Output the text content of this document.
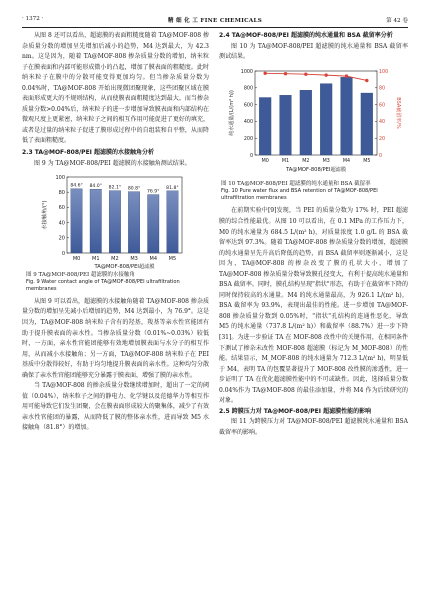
· 1372 ·	精 细 化 工 FINE CHEMICALS	第 42 卷

从图 8 还可以看出，超滤膜的表面粗糙度随着 TA@MOF-808 掺杂质量分数的增加呈先增加后减小的趋势，M4 达到最大，为 42.3 nm。这是因为，随着 TA@MOF-808 掺杂质量分数的增加，纳米粒子在膜表面和内部可能形成微小的凸起，增加了膜表面的粗糙度。此时纳米粒子在膜中的分散可能变得更加均匀。但当掺杂质量分数为 0.04%时，TA@MOF-808 开始出现微团聚现象，这些团聚区域在膜表面形成更大的不规则结构，从而使膜表面粗糙度达到最大。而当掺杂质量分数>0.04%后，纳米粒子的进一步增加导致膜表面和内部结构在微观尺度上更紧密，纳米粒子之间的相互作用可能促进了更好的填充，或者是过量的纳米粒子促进了膜形成过程中的自组装和自平整，从而降低了表面粗糙度。

2.3 TA@MOF-808/PEI 超滤膜的水接触角分析

图 9 为 TA@MOF-808/PEI 超滤膜的水接触角测试结果。

0
20
40
60
80
100
84.6°
M0
84.0°
M1
82.1°
M2
80.8°
M3
76.9°
M4
81.8°
M5
TA@MOF-808/PEI超滤膜
水接触角/(°)
图 9 TA@MOF-808/PEI 超滤膜的水接触角
Fig. 9 Water contact angle of TA@MOF-808/PEI ultrafiltration membranes

从图 9 可以看出，超滤膜的水接触角随着 TA@MOF-808 掺杂质量分数的增加呈先减小后增加的趋势，M4 达到最小，为 76.9°。这是因为，TA@MOF-808 纳米粒子含有的羟基，羧基等亲水性官能团有助于提升膜表面的亲水性。当掺杂质量分数（0.01%~0.03%）较低时，一方面，亲水性官能团能够有效地增加膜表面与水分子的相互作用，从而减小水接触角；另一方面，TA@MOF-808 纳米粒子在 PEI 基质中分散得较好，有助于均匀地提升膜表面的亲水性。这种均匀分散确保了亲水性官能团能够充分暴露于膜表面，增强了膜的亲水性。

当 TA@MOF-808 的掺杂质量分数继续增加时，超出了一定的阈值（0.04%），纳米粒子之间的静电力、化学键以及范德华力等相互作用可能导致它们发生团聚，会在膜表面形成较大的聚集体，减少了有效亲水性官能团的暴露，从而降低了膜的整体亲水性，进而导致 M5 水接触角（81.8°）的增加。

2.4 TA@MOF-808/PEI 超滤膜的纯水通量和 BSA 截留率分析

图 10 为 TA@MOF-808/PEI 超滤膜的纯水通量和 BSA 截留率测试结果。

0
200
400
600
800
1000
0
20
40
60
80
100
M0	M1	M2	M3	M4	M5
TA@MOF-808/PEI超滤膜
纯水通量/(L/(m² h))	BSA截留率/%
图 10 TA@MOF-808/PEI 超滤膜的纯水通量和 BSA 截留率
Fig. 10 Pure water flux and BSA retention of TA@MOF-808/PEI ultrafiltration membranes

在前期实验中[9]发现，当 PEI 的质量分数为 17% 时，PEI 超滤膜的综合性能最优。从图 10 可以看出，在 0.1 MPa 的工作压力下，M0 的纯水通量为 684.5 L/(m² h)，对质量浓度 1.0 g/L 的 BSA 截留率达到 97.3%。随着 TA@MOF-808 掺杂质量分数的增加，超滤膜的纯水通量呈先升高后降低的趋势，而 BSA 截留率则逐渐减小，这是因为，TA@MOF-808 的掺杂改变了膜的孔状大小，增加了 TA@MOF-808 掺杂质量分数导致膜孔径变大，有利于提高纯水通量和 BSA 截留率。同时，膜孔结构呈现"指状"形态，有助于在截留率下降的同时保持较高的水通量。M4 的纯水通量最高，为 926.1 L/(m² h)，BSA 截留率为 93.9%，表现出最佳的性能。进一步增加 TA@MOF-808 掺杂质量分数到 0.05%时，"指状"孔结构的连通性恶化，导致 M5 的纯水通量（737.8 L/(m² h)）和截留率（88.7%）进一步下降[31]。为进一步验证 TA 在 MOF-808 改性中的关键作用，在相同条件下测试了掺杂未改性 MOF-808 超滤膜（标记为 M_MOF-808）的性能。结果显示，M_MOF-808 的纯水通量为 712.3 L/(m² h)，明显低于 M4，表明 TA 的包覆显著提升了 MOF-808 改性膜的渗透性，进一步证明了 TA 在优化超滤膜性能中的不可或缺性。因此，选择质量分数 0.04%作为 TA@MOF-808 的最佳添加量，并将 M4 作为后续研究的对象。

2.5 跨膜压力对 TA@MOF-808/PEI 超滤膜性能的影响

图 11 为跨膜压力对 TA@MOF-808/PEI 超滤膜纯水通量和 BSA 截留率的影响。
